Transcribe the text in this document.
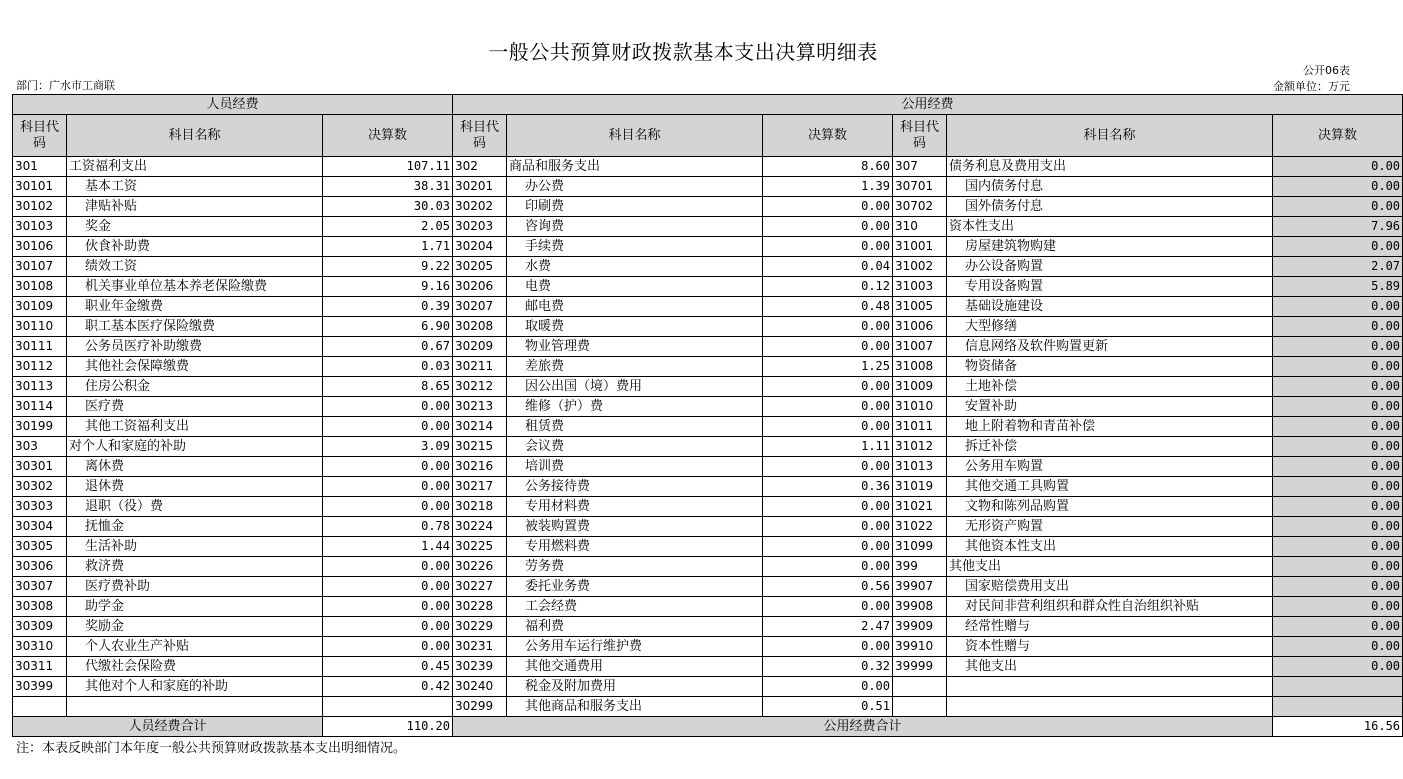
一般公共预算财政拨款基本支出决算明细表
公开06表
部门：广水市工商联	金额单位：万元
人员经费			公用经费					
科目代码	科目名称	决算数	科目代码	科目名称	决算数	科目代码	科目名称	决算数
301	工资福利支出	107.11	302	商品和服务支出	8.60	307	债务利息及费用支出	0.00
30101	基本工资	38.31	30201	办公费	1.39	30701	国内债务付息	0.00
30102	津贴补贴	30.03	30202	印刷费	0.00	30702	国外债务付息	0.00
30103	奖金	2.05	30203	咨询费	0.00	310	资本性支出	7.96
30106	伙食补助费	1.71	30204	手续费	0.00	31001	房屋建筑物购建	0.00
30107	绩效工资	9.22	30205	水费	0.04	31002	办公设备购置	2.07
30108	机关事业单位基本养老保险缴费	9.16	30206	电费	0.12	31003	专用设备购置	5.89
30109	职业年金缴费	0.39	30207	邮电费	0.48	31005	基础设施建设	0.00
30110	职工基本医疗保险缴费	6.90	30208	取暖费	0.00	31006	大型修缮	0.00
30111	公务员医疗补助缴费	0.67	30209	物业管理费	0.00	31007	信息网络及软件购置更新	0.00
30112	其他社会保障缴费	0.03	30211	差旅费	1.25	31008	物资储备	0.00
30113	住房公积金	8.65	30212	因公出国（境）费用	0.00	31009	土地补偿	0.00
30114	医疗费	0.00	30213	维修（护）费	0.00	31010	安置补助	0.00
30199	其他工资福利支出	0.00	30214	租赁费	0.00	31011	地上附着物和青苗补偿	0.00
303	对个人和家庭的补助	3.09	30215	会议费	1.11	31012	拆迁补偿	0.00
30301	离休费	0.00	30216	培训费	0.00	31013	公务用车购置	0.00
30302	退休费	0.00	30217	公务接待费	0.36	31019	其他交通工具购置	0.00
30303	退职（役）费	0.00	30218	专用材料费	0.00	31021	文物和陈列品购置	0.00
30304	抚恤金	0.78	30224	被装购置费	0.00	31022	无形资产购置	0.00
30305	生活补助	1.44	30225	专用燃料费	0.00	31099	其他资本性支出	0.00
30306	救济费	0.00	30226	劳务费	0.00	399	其他支出	0.00
30307	医疗费补助	0.00	30227	委托业务费	0.56	39907	国家赔偿费用支出	0.00
30308	助学金	0.00	30228	工会经费	0.00	39908	对民间非营利组织和群众性自治组织补贴	0.00
30309	奖励金	0.00	30229	福利费	2.47	39909	经常性赠与	0.00
30310	个人农业生产补贴	0.00	30231	公务用车运行维护费	0.00	39910	资本性赠与	0.00
30311	代缴社会保险费	0.45	30239	其他交通费用	0.32	39999	其他支出	0.00
30399	其他对个人和家庭的补助	0.42	30240	税金及附加费用	0.00			
			30299	其他商品和服务支出	0.51			
人员经费合计		110.20	公用经费合计					16.56
注：本表反映部门本年度一般公共预算财政拨款基本支出明细情况。
